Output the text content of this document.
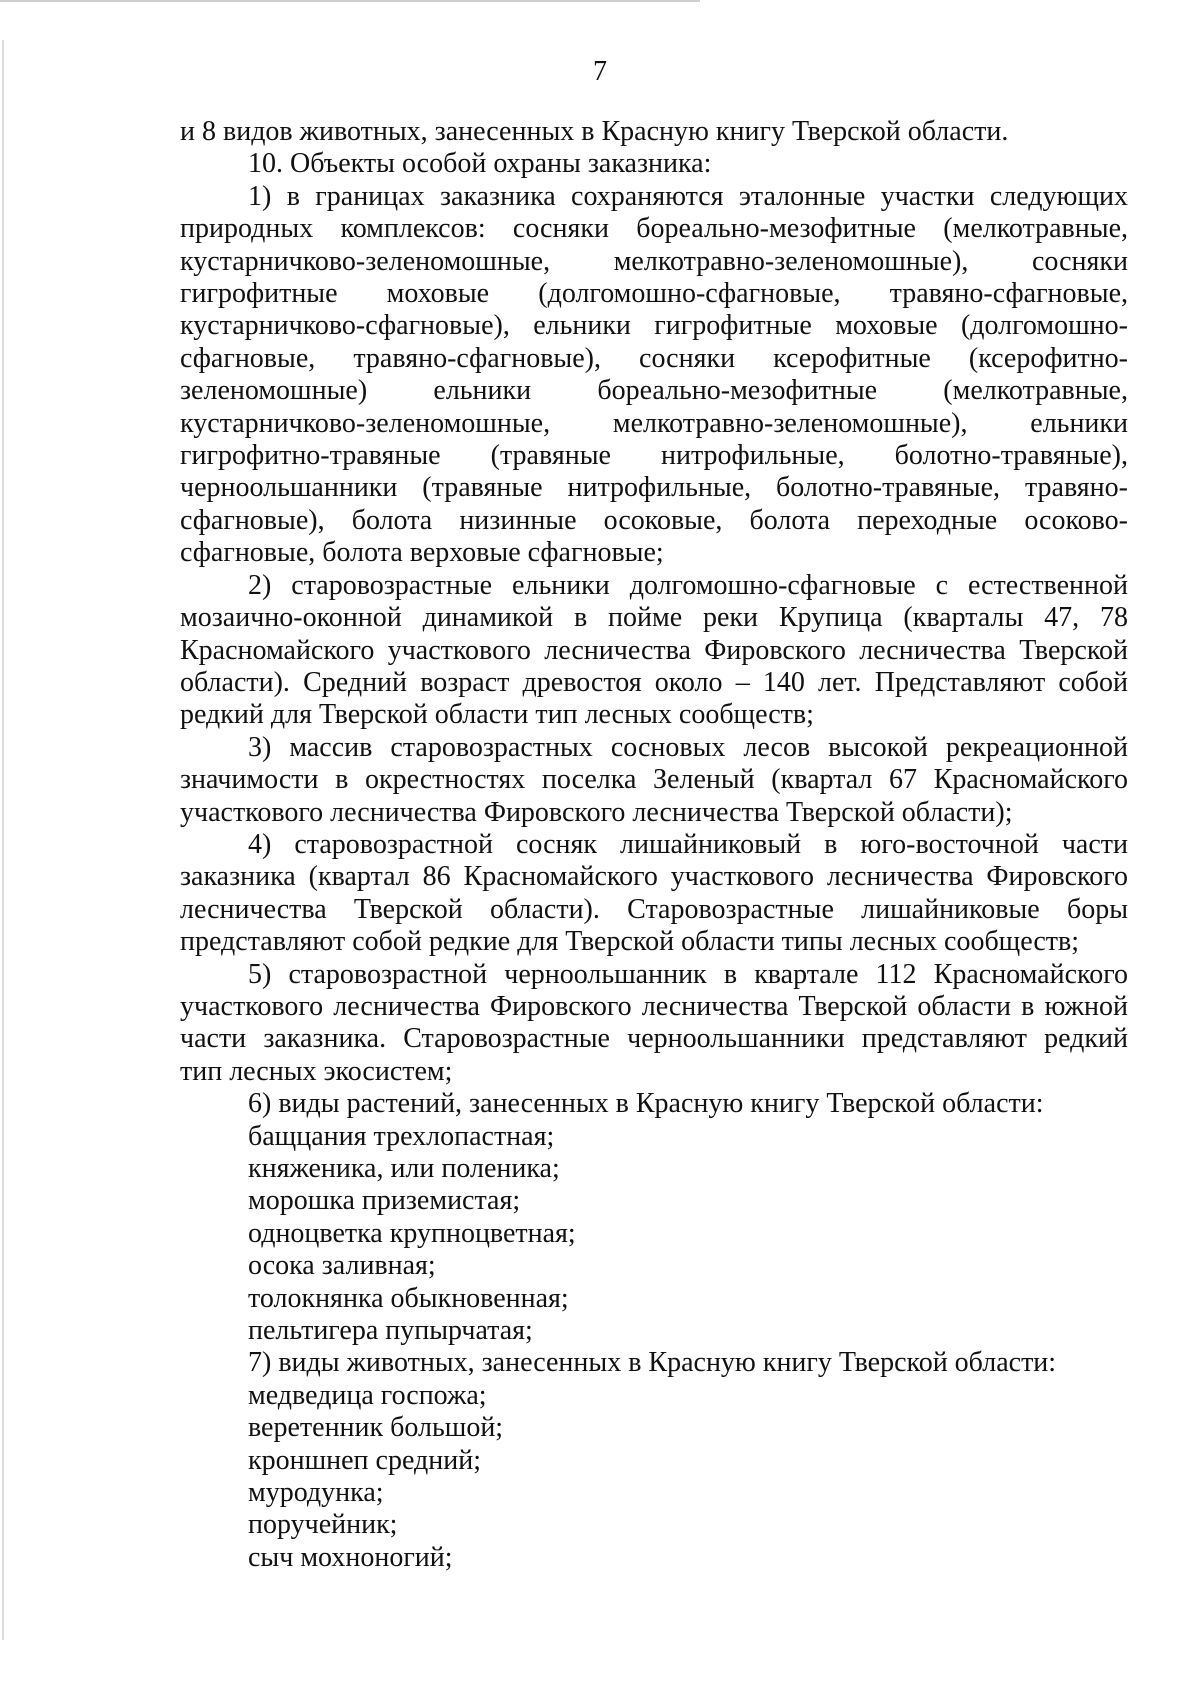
7

и 8 видов животных, занесенных в Красную книгу Тверской области.

10. Объекты особой охраны заказника:

1) в границах заказника сохраняются эталонные участки следующих

природных комплексов: сосняки бореально-мезофитные (мелкотравные,

кустарничково-зеленомошные, мелкотравно-зеленомошные), сосняки

гигрофитные моховые (долгомошно-сфагновые, травяно-сфагновые,

кустарничково-сфагновые), ельники гигрофитные моховые (долгомошно-

сфагновые, травяно-сфагновые), сосняки ксерофитные (ксерофитно-

зеленомошные) ельники бореально-мезофитные (мелкотравные,

кустарничково-зеленомошные, мелкотравно-зеленомошные), ельники

гигрофитно-травяные (травяные нитрофильные, болотно-травяные),

черноольшанники (травяные нитрофильные, болотно-травяные, травяно-

сфагновые), болота низинные осоковые, болота переходные осоково-

сфагновые, болота верховые сфагновые;

2) старовозрастные ельники долгомошно-сфагновые с естественной

мозаично-оконной динамикой в пойме реки Крупица (кварталы 47, 78

Красномайского участкового лесничества Фировского лесничества Тверской

области). Средний возраст древостоя около – 140 лет. Представляют собой

редкий для Тверской области тип лесных сообществ;

3) массив старовозрастных сосновых лесов высокой рекреационной

значимости в окрестностях поселка Зеленый (квартал 67 Красномайского

участкового лесничества Фировского лесничества Тверской области);

4) старовозрастной сосняк лишайниковый в юго-восточной части

заказника (квартал 86 Красномайского участкового лесничества Фировского

лесничества Тверской области). Старовозрастные лишайниковые боры

представляют собой редкие для Тверской области типы лесных сообществ;

5) старовозрастной черноольшанник в квартале 112 Красномайского

участкового лесничества Фировского лесничества Тверской области в южной

части заказника. Старовозрастные черноольшанники представляют редкий

тип лесных экосистем;

6) виды растений, занесенных в Красную книгу Тверской области:

бащцания трехлопастная;

княженика, или поленика;

морошка приземистая;

одноцветка крупноцветная;

осока заливная;

толокнянка обыкновенная;

пельтигера пупырчатая;

7) виды животных, занесенных в Красную книгу Тверской области:

медведица госпожа;

веретенник большой;

кроншнеп средний;

муродунка;

поручейник;

сыч мохноногий;
